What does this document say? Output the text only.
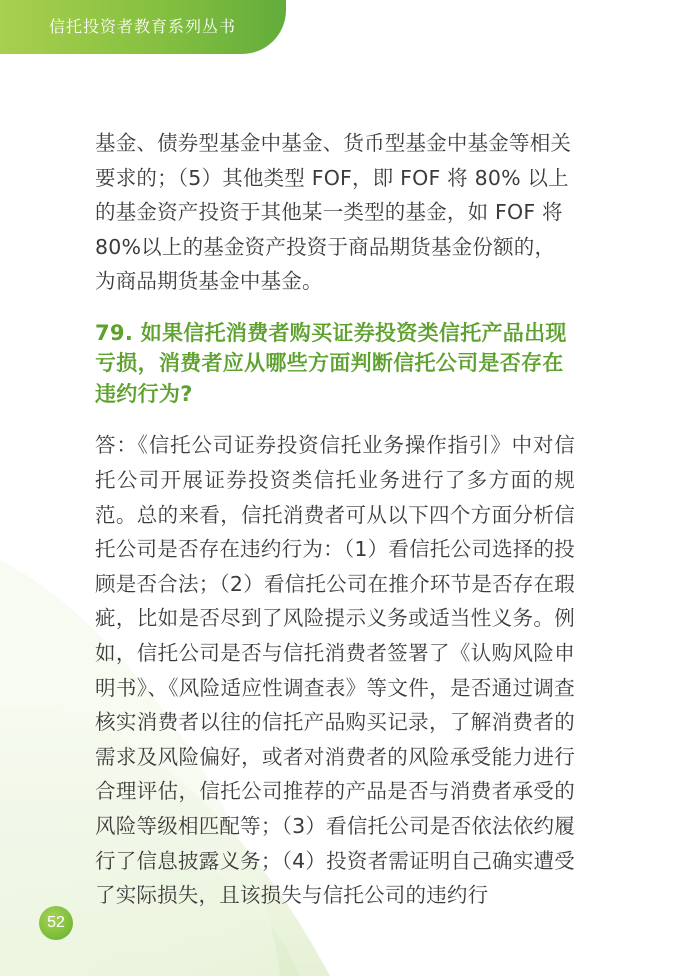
信托投资者教育系列丛书

基金、债券型基金中基金、货币型基金中基金等相关要求的；（5）其他类型 FOF，即 FOF 将 80% 以上的基金资产投资于其他某一类型的基金，如 FOF 将80%以上的基金资产投资于商品期货基金份额的，为商品期货基金中基金。

79. 如果信托消费者购买证券投资类信托产品出现亏损，消费者应从哪些方面判断信托公司是否存在违约行为?

答：《信托公司证券投资信托业务操作指引》中对信托公司开展证券投资类信托业务进行了多方面的规范。总的来看，信托消费者可从以下四个方面分析信托公司是否存在违约行为：（1）看信托公司选择的投顾是否合法；（2）看信托公司在推介环节是否存在瑕疵，比如是否尽到了风险提示义务或适当性义务。例如，信托公司是否与信托消费者签署了《认购风险申明书》、《风险适应性调查表》等文件，是否通过调查核实消费者以往的信托产品购买记录，了解消费者的需求及风险偏好，或者对消费者的风险承受能力进行合理评估，信托公司推荐的产品是否与消费者承受的风险等级相匹配等；（3）看信托公司是否依法依约履行了信息披露义务；（4）投资者需证明自己确实遭受了实际损失，且该损失与信托公司的违约行

52
